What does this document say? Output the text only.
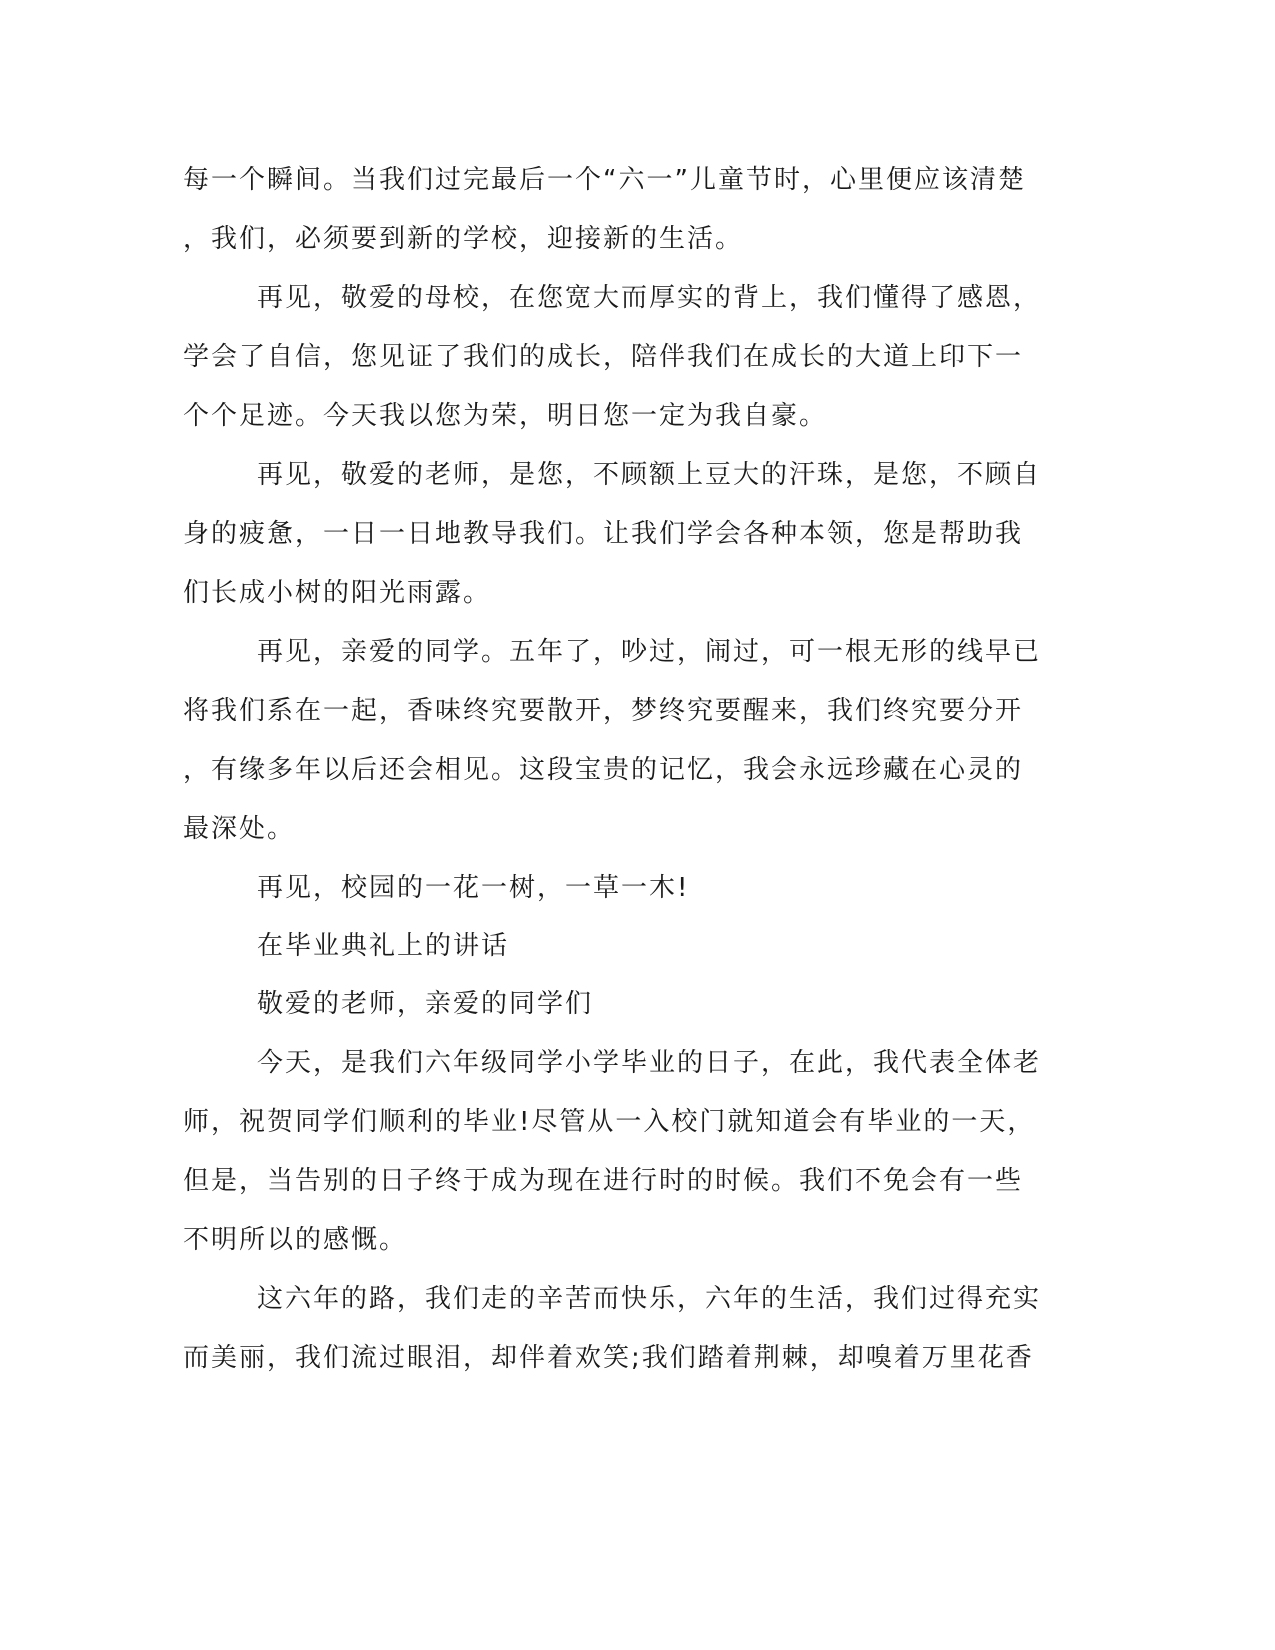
每一个瞬间。当我们过完最后一个“六一”儿童节时，心里便应该清楚
，我们，必须要到新的学校，迎接新的生活。
再见，敬爱的母校，在您宽大而厚实的背上，我们懂得了感恩，
学会了自信，您见证了我们的成长，陪伴我们在成长的大道上印下一
个个足迹。今天我以您为荣，明日您一定为我自豪。
再见，敬爱的老师，是您，不顾额上豆大的汗珠，是您，不顾自
身的疲惫，一日一日地教导我们。让我们学会各种本领，您是帮助我
们长成小树的阳光雨露。
再见，亲爱的同学。五年了，吵过，闹过，可一根无形的线早已
将我们系在一起，香味终究要散开，梦终究要醒来，我们终究要分开
，有缘多年以后还会相见。这段宝贵的记忆，我会永远珍藏在心灵的
最深处。
再见，校园的一花一树，一草一木!
在毕业典礼上的讲话
敬爱的老师，亲爱的同学们
今天，是我们六年级同学小学毕业的日子，在此，我代表全体老
师，祝贺同学们顺利的毕业!尽管从一入校门就知道会有毕业的一天，
但是，当告别的日子终于成为现在进行时的时候。我们不免会有一些
不明所以的感慨。
这六年的路，我们走的辛苦而快乐，六年的生活，我们过得充实
而美丽，我们流过眼泪，却伴着欢笑;我们踏着荆棘，却嗅着万里花香
